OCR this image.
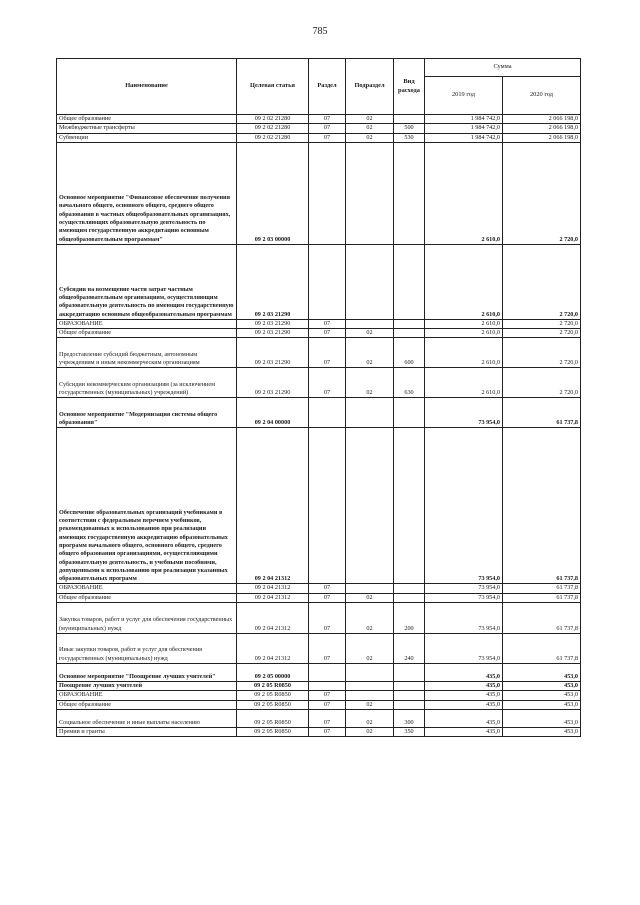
785
Наименование	Целевая статья	Раздел	Подраздел	Вид расхода	Сумма	
					2019 год	2020 год
Общее образование	09 2 02 21280	07	02		1 984 742,0	2 066 198,0
Межбюджетные трансферты	09 2 02 21280	07	02	500	1 984 742,0	2 066 198,0
Субвенции	09 2 02 21280	07	02	530	1 984 742,0	2 066 198,0
Основное мероприятие "Финансовое обеспечение получения начального общего, основного общего, среднего общего образования в частных общеобразовательных организациях, осуществляющих образовательную деятельность по имеющим государственную аккредитацию основным общеобразовательным программам"	09 2 03 00000				2 610,0	2 720,0
Субсидии на возмещение части затрат частным общеобразовательным организациям, осуществляющим образовательную деятельность по имеющим государственную аккредитацию основным общеобразовательным программам	09 2 03 21290				2 610,0	2 720,0
ОБРАЗОВАНИЕ	09 2 03 21290	07			2 610,0	2 720,0
Общее образование	09 2 03 21290	07	02		2 610,0	2 720,0
Предоставление субсидий бюджетным, автономным учреждениям и иным некоммерческим организациям	09 2 03 21290	07	02	600	2 610,0	2 720,0
Субсидии некоммерческим организациям (за исключением государственных (муниципальных) учреждений)	09 2 03 21290	07	02	630	2 610,0	2 720,0
Основное мероприятие "Модернизация системы общего образования"	09 2 04 00000				73 954,0	61 737,8
Обеспечение образовательных организаций учебниками в соответствии с федеральным перечнем учебников, рекомендованных к использованию при реализации имеющих государственную аккредитацию образовательных программ начального общего, основного общего, среднего общего образования организациями, осуществляющими образовательную деятельность, и учебными пособиями, допущенными к использованию при реализации указанных образовательных программ	09 2 04 21312				73 954,0	61 737,8
ОБРАЗОВАНИЕ	09 2 04 21312	07			73 954,0	61 737,8
Общее образование	09 2 04 21312	07	02		73 954,0	61 737,8
Закупка товаров, работ и услуг для обеспечения государственных (муниципальных) нужд	09 2 04 21312	07	02	200	73 954,0	61 737,8
Иные закупки товаров, работ и услуг для обеспечения государственных (муниципальных) нужд	09 2 04 21312	07	02	240	73 954,0	61 737,8
Основное мероприятие "Поощрение лучших учителей"	09 2 05 00000				435,0	453,0
Поощрение лучших учителей	09 2 05 R0850				435,0	453,0
ОБРАЗОВАНИЕ	09 2 05 R0850	07			435,0	453,0
Общее образование	09 2 05 R0850	07	02		435,0	453,0
Социальное обеспечение и иные выплаты населению	09 2 05 R0850	07	02	300	435,0	453,0
Премии и гранты	09 2 05 R0850	07	02	350	435,0	453,0
